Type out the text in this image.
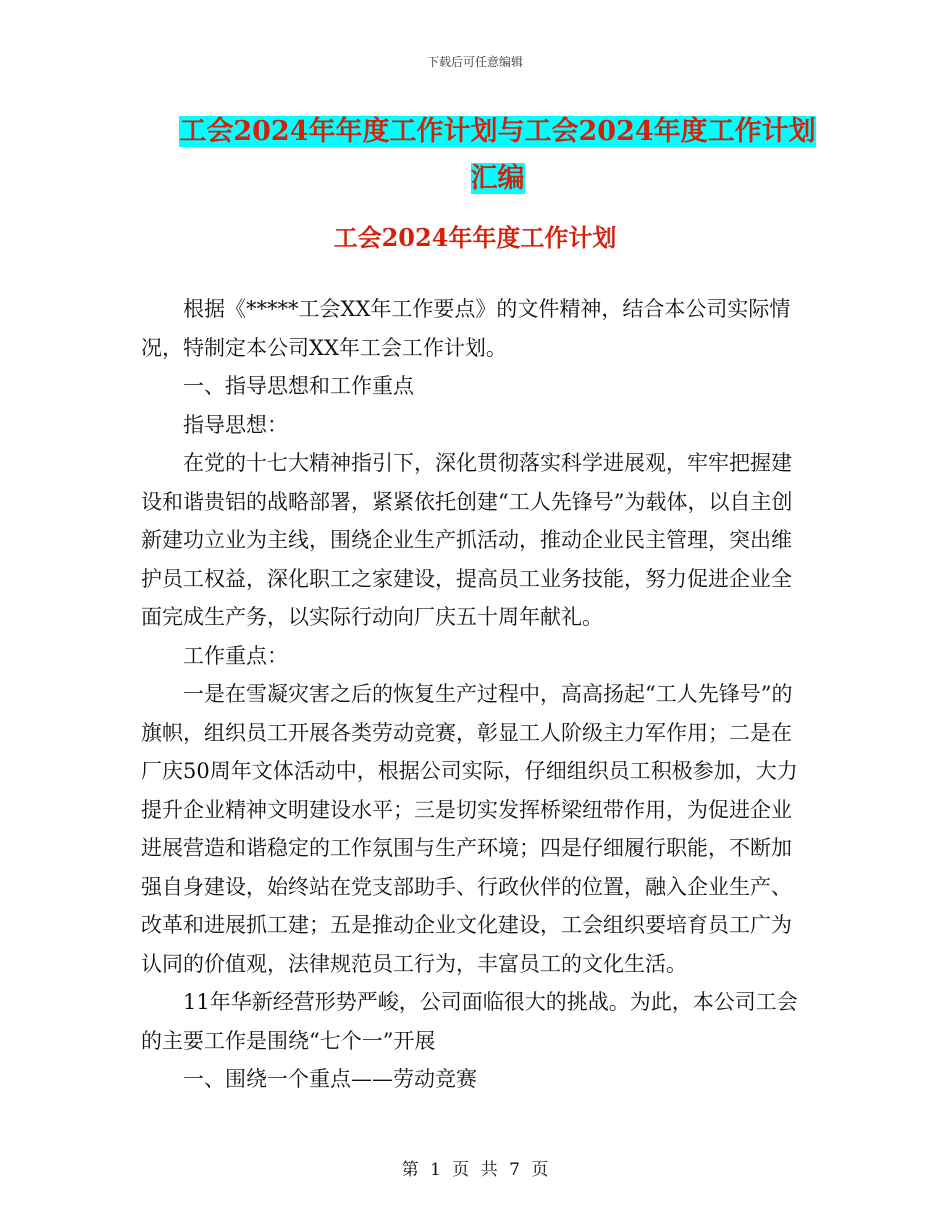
下载后可任意编辑
工会2024年年度工作计划与工会2024年度工作计划
汇编
工会2024年年度工作计划

根据《*****工会XX年工作要点》的文件精神，结合本公司实际情况，特制定本公司XX年工会工作计划。

一、指导思想和工作重点

指导思想：

在党的十七大精神指引下，深化贯彻落实科学进展观，牢牢把握建设和谐贵铝的战略部署，紧紧依托创建“工人先锋号”为载体，以自主创新建功立业为主线，围绕企业生产抓活动，推动企业民主管理，突出维护员工权益，深化职工之家建设，提高员工业务技能，努力促进企业全面完成生产务，以实际行动向厂庆五十周年献礼。

工作重点：

一是在雪凝灾害之后的恢复生产过程中，高高扬起“工人先锋号”的旗帜，组织员工开展各类劳动竞赛，彰显工人阶级主力军作用；二是在厂庆50周年文体活动中，根据公司实际，仔细组织员工积极参加，大力提升企业精神文明建设水平；三是切实发挥桥梁纽带作用，为促进企业进展营造和谐稳定的工作氛围与生产环境；四是仔细履行职能，不断加强自身建设，始终站在党支部助手、行政伙伴的位置，融入企业生产、改革和进展抓工建；五是推动企业文化建设，工会组织要培育员工广为认同的价值观，法律规范员工行为，丰富员工的文化生活。

11年华新经营形势严峻，公司面临很大的挑战。为此，本公司工会的主要工作是围绕“七个一”开展

一、围绕一个重点——劳动竞赛

第 1 页 共 7 页
